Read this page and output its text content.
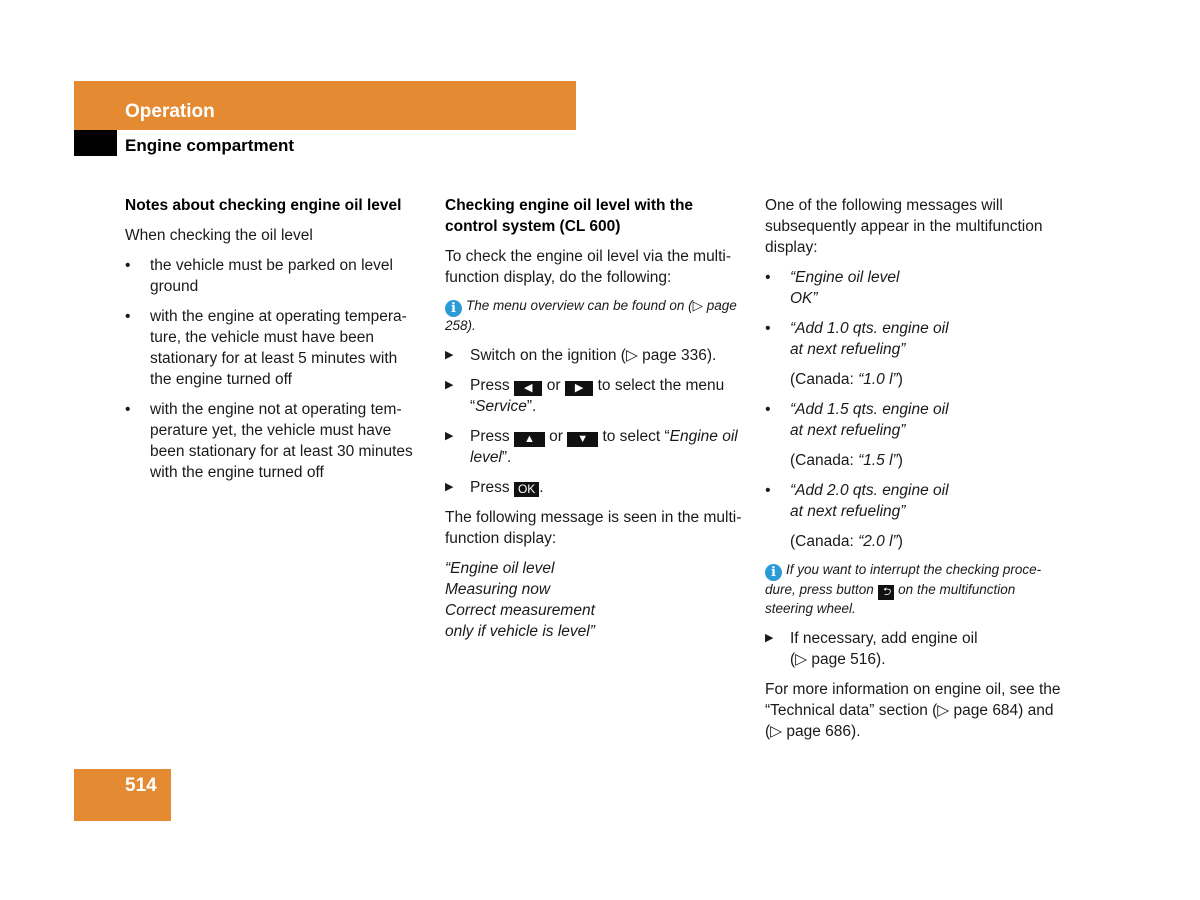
Operation
Engine compartment

Notes about checking engine oil level

When checking the oil level

• the vehicle must be parked on level ground
• with the engine at operating tempera-ture, the vehicle must have been stationary for at least 5 minutes with the engine turned off
• with the engine not at operating tem-perature yet, the vehicle must have been stationary for at least 30 minutes with the engine turned off

Checking engine oil level with the control system (CL 600)

To check the engine oil level via the multi-function display, do the following:

i The menu overview can be found on (▷ page 258).

▶ Switch on the ignition (▷ page 336).
▶ Press ◀ or ▶ to select the menu “Service”.
▶ Press ▲ or ▼ to select “Engine oil level”.
▶ Press OK .

The following message is seen in the multi-function display:

“Engine oil level
Measuring now
Correct measurement
only if vehicle is level”

One of the following messages will subsequently appear in the multifunction display:

• “Engine oil level
OK”
• “Add 1.0 qts. engine oil
at next refueling”

(Canada: “1.0 l”)

• “Add 1.5 qts. engine oil
at next refueling”

(Canada: “1.5 l”)

• “Add 2.0 qts. engine oil
at next refueling”

(Canada: “2.0 l”)

i If you want to interrupt the checking proce-dure, press button ⮌ on the multifunction steering wheel.

▶ If necessary, add engine oil
(▷ page 516).

For more information on engine oil, see the “Technical data” section (▷ page 684) and (▷ page 686).

514
